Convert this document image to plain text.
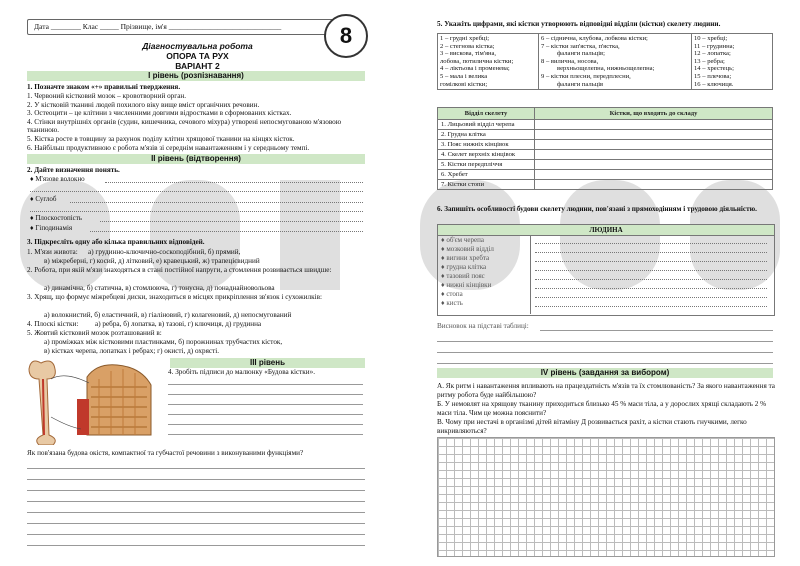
Дата ________ Клас _____ Прізвище, ім'я ______________________________	8
Діагностувальна робота
ОПОРА ТА РУХ
ВАРІАНТ 2
І рівень (розпізнавання)
1. Позначте знаком «+» правильні твердження.
1. Червоний кістковий мозок – кровотворний орган.
2. У кістковій тканині людей похилого віку вище вміст органічних речовин.
3. Остеоцити – це клітини з численними довгими відростками в сформованих кістках.
4. Стінки внутрішніх органів (судин, кишечника, сечового міхура) утворені непосмугованою м'язовою тканиною.
5. Кістка росте в товщину за рахунок поділу клітин хрящової тканини на кінцях кісток.
6. Найбільш продуктивною є робота м'язів зі середнім навантаженням і у середньому темпі.
ІІ рівень (відтворення)
2. Дайте визначення понять.
♦ М'язове волокно
♦ Суглоб
♦ Плоскостопість
♦ Гіподинамія
3. Підкресліть одну або кілька правильних відповідей.
1. М'язи живота:	а) грудинно-ключично-соскоподібний, б) прямий,
в) міжреберні, г) косий, д) літковий, е) кравецький, ж) трапецієвидний
2. Робота, при якій м'язи знаходяться в стані постійної напруги, а стомлення розвивається швидше:
а) динамічна, б) статична, в) стомлююча, г) тонусна, д) понаднайновольова
3. Хрящ, що формує міжребцеві диски, знаходиться в місцях прикріплення зв'язок і сухожилків:
а) волокнистий, б) еластичний, в) гіаліновий, г) колагеновий, д) непосмугований
4. Плоскі кістки:	а) ребра, б) лопатка, в) тазові, г) ключиця, д) грудинна
5. Жовтий кістковий мозок розташований в:
а) проміжках між кістковими пластинками, б) порожнинах трубчастих кісток,
в) кістках черепа, лопатках і ребрах; г) окисті, д) охрясті.
ІІІ рівень
4. Зробіть підписи до малюнку «Будова кістки».
Як пов'язана будова окістя, компактної та губчастої речовини з виконуваними функціями?
5. Укажіть цифрами, які кістки утворюють відповідні відділи (кістки) скелету людини.
1 – грудні хребці;
2 – стегнова кістка;
3 – вискова, тім'яна,
лобова, потилична кістки;
4 – ліктьова і променева;
5 – мала і велика
гомілкові кістки;

6 – сіднична, клубова, лобкова кістки;
7 – кістки зап'ястка, п'ястка,
фаланги пальців;
8 – вилична, носова,
верхньощелепна, нижньощелепна;
9 – кістки плесни, передплесни,
фаланги пальців

10 – хребці;
11 – грудинна;
12 – лопатка;
13 – ребра;
14 – хрестець;
15 – плечова;
16 – ключиця.
Відділ скелету	Кістки, що входять до складу
1. Лицьовий відділ черепа	
2. Грудна клітка	
3. Пояс нижніх кінцівок	
4. Скелет верхніх кінцівок	
5. Кістки передпліччя	
6. Хребет	
7. Кістки стопи	
6. Запишіть особливості будови скелету людини, пов'язані з прямоходінням і трудовою діяльністю.
ЛЮДИНА
♦ об'єм черепа
♦ мозковий відділ
♦ вигини хребта
♦ грудна клітка
♦ тазовий пояс
♦ нижні кінцівки
♦ стопа
♦ кисть
Висновок на підставі таблиці:
IV рівень (завдання за вибором)
А. Як ритм і навантаження впливають на працездатність м'язів та їх стомлюваність? За якого навантаження та ритму робота буде найбільшою?
Б. У немовлят на хрящову тканину приходиться близько 45 % маси тіла, а у дорослих хрящі складають 2 % маси тіла. Чим це можна пояснити?
В. Чому при нестачі в організмі дітей вітаміну Д розвивається рахіт, а кістки стають гнучкими, легко викривляються?
